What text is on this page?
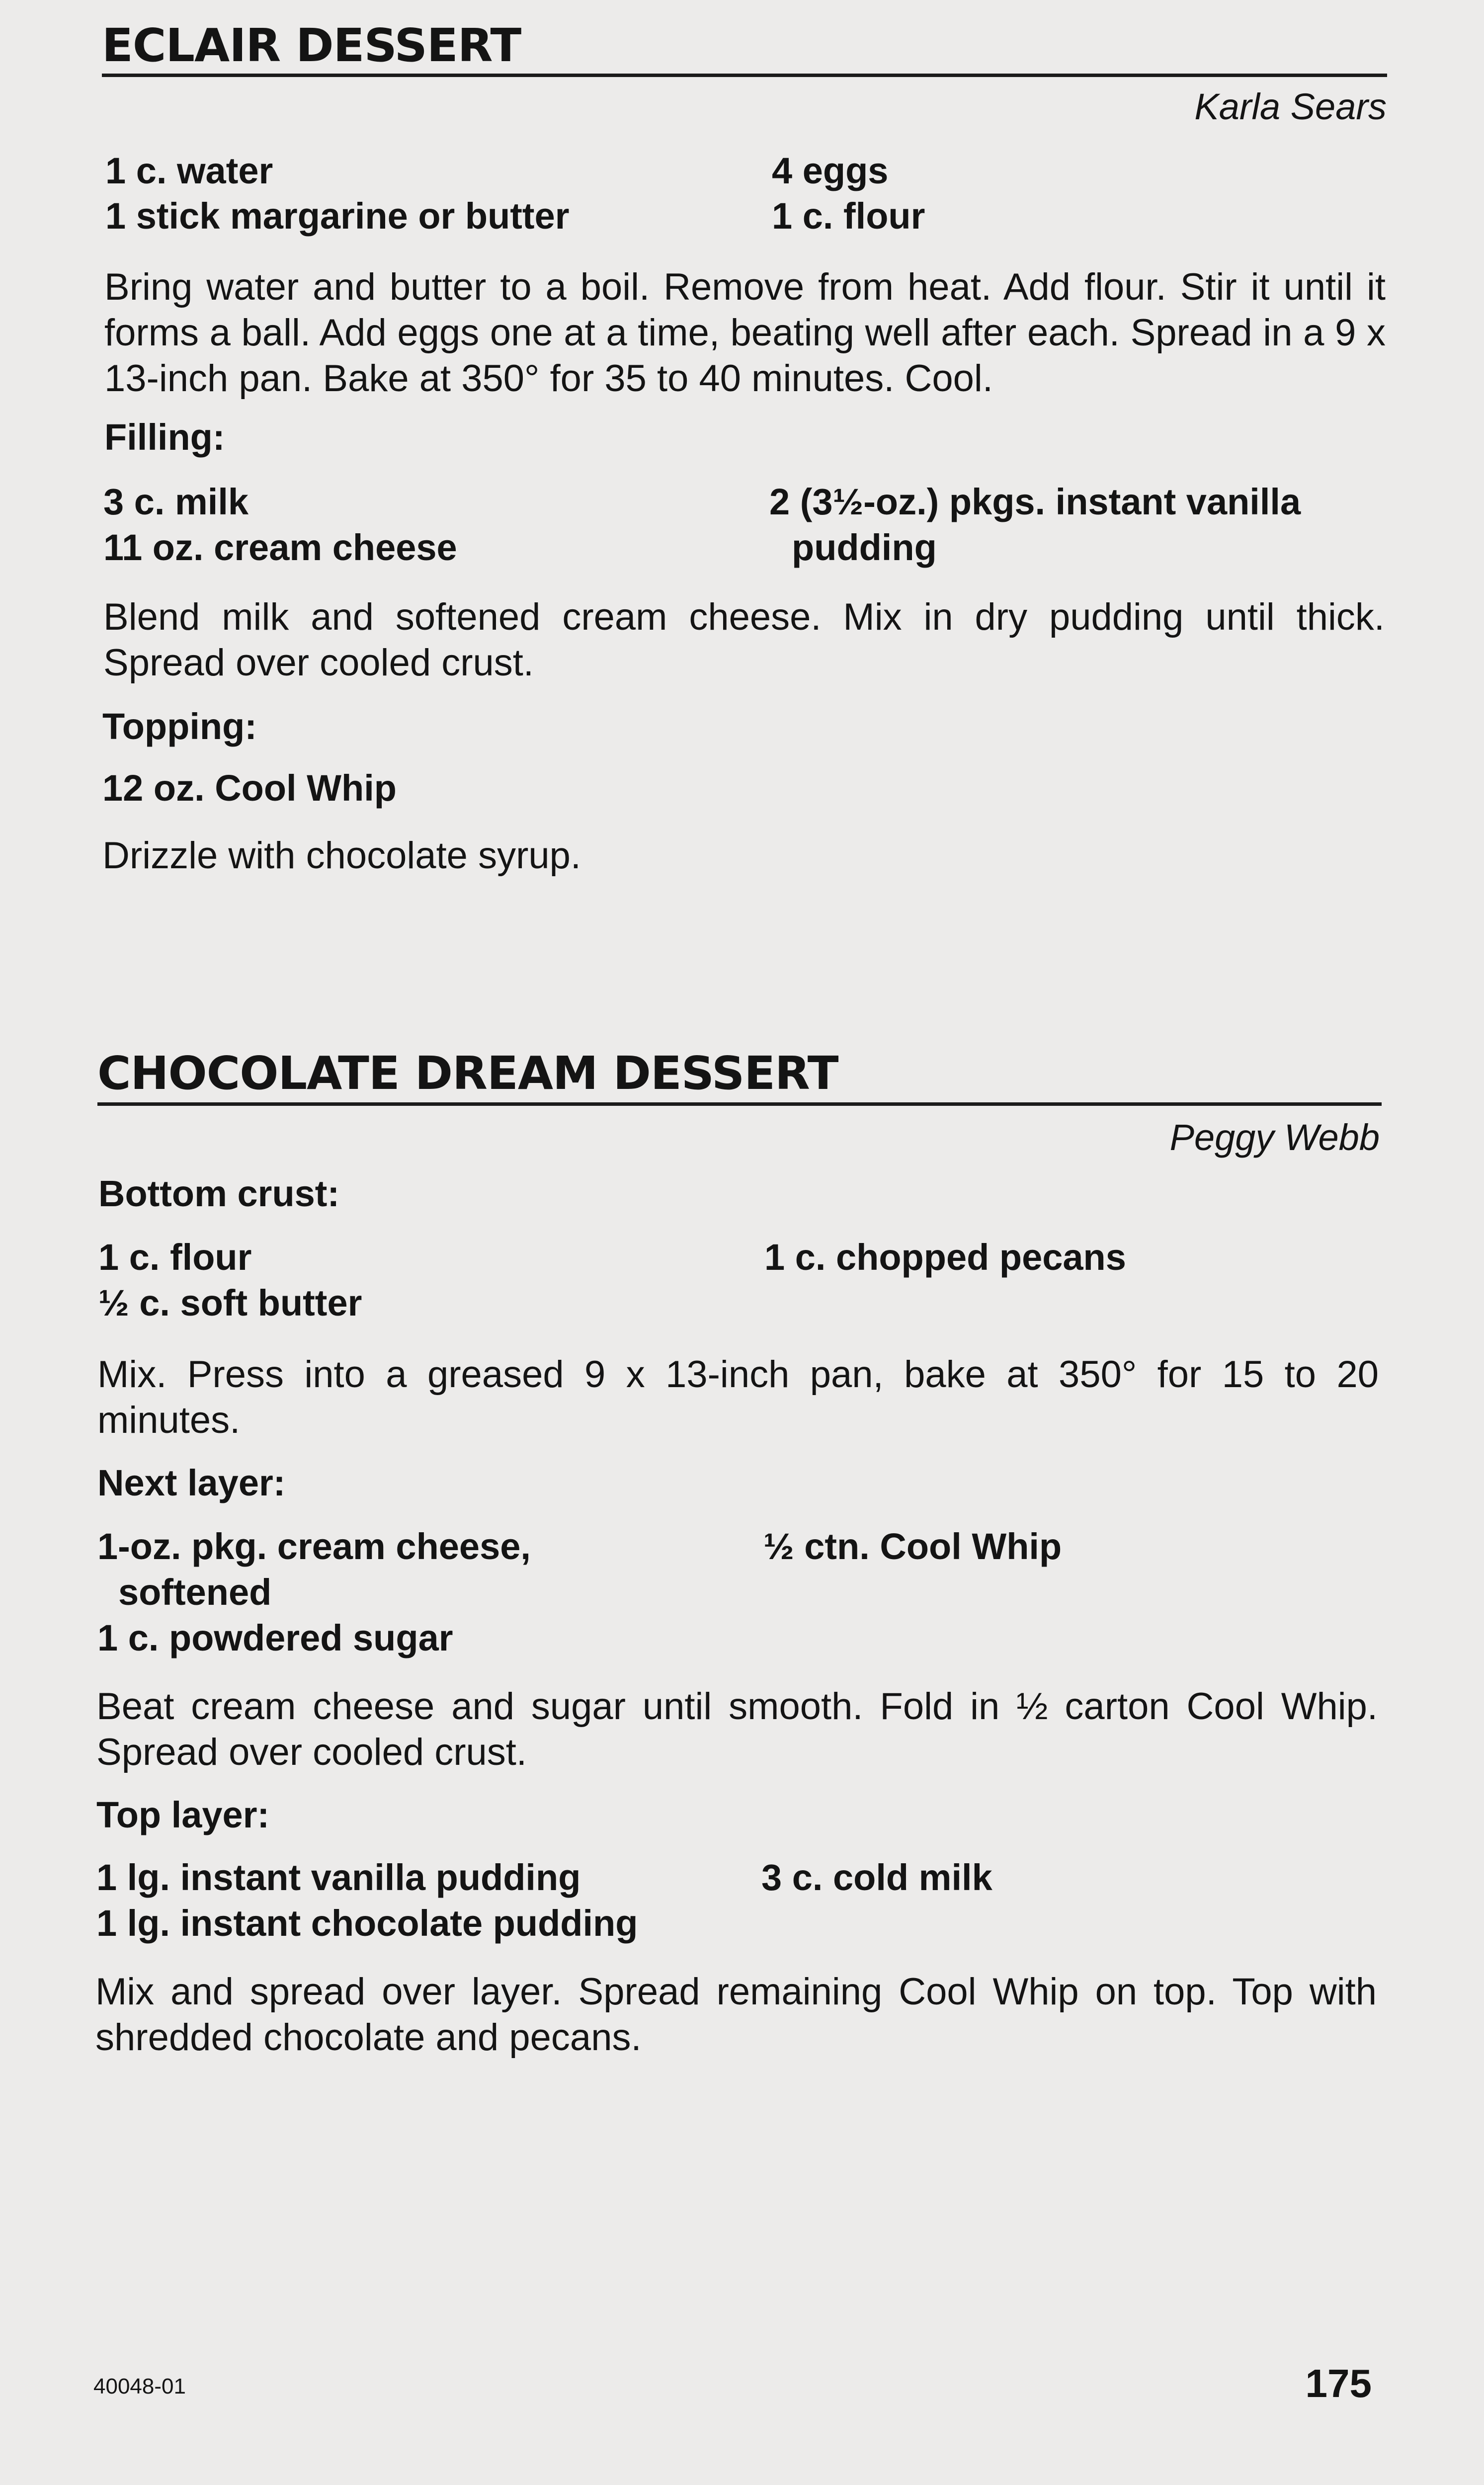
ECLAIR DESSERT
Karla Sears
1 c. water
1 stick margarine or butter
4 eggs
1 c. flour

Bring water and butter to a boil. Remove from heat. Add flour. Stir it until it forms a ball. Add eggs one at a time, beating well after each. Spread in a 9 x 13-inch pan. Bake at 350° for 35 to 40 minutes. Cool.

Filling:
3 c. milk
11 oz. cream cheese
2 (3½-oz.) pkgs. instant vanilla
pudding

Blend milk and softened cream cheese. Mix in dry pudding until thick. Spread over cooled crust.

Topping:
12 oz. Cool Whip

Drizzle with chocolate syrup.

CHOCOLATE DREAM DESSERT
Peggy Webb
Bottom crust:
1 c. flour
½ c. soft butter
1 c. chopped pecans

Mix. Press into a greased 9 x 13-inch pan, bake at 350° for 15 to 20 minutes.

Next layer:
1-oz. pkg. cream cheese,
softened
1 c. powdered sugar
½ ctn. Cool Whip

Beat cream cheese and sugar until smooth. Fold in ½ carton Cool Whip. Spread over cooled crust.

Top layer:
1 lg. instant vanilla pudding
1 lg. instant chocolate pudding
3 c. cold milk

Mix and spread over layer. Spread remaining Cool Whip on top. Top with shredded chocolate and pecans.

40048-01	175
